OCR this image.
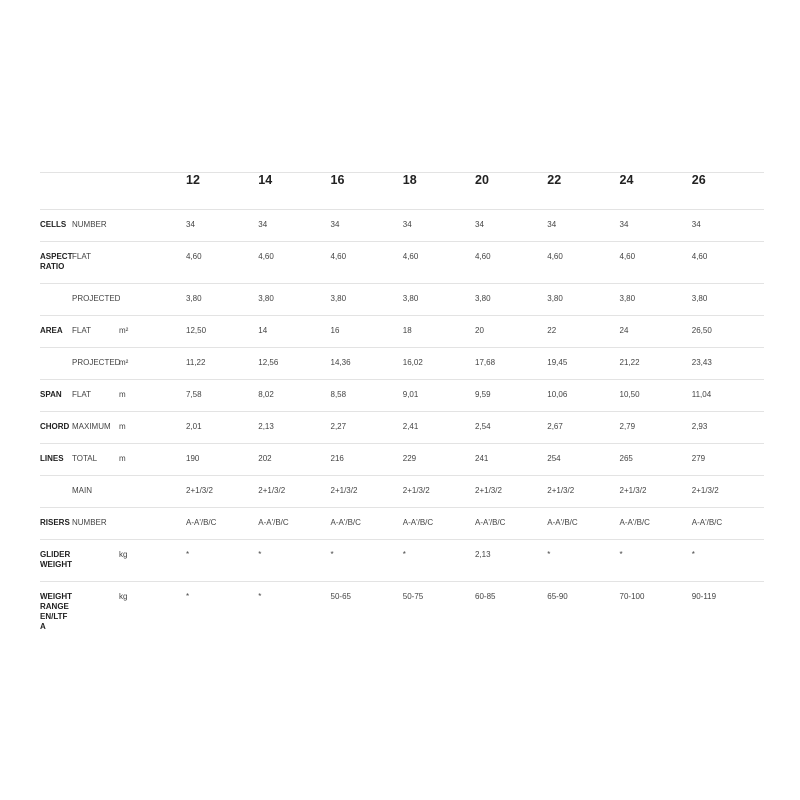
			12	14	16	18	20	22	24	26

CELLS	NUMBER		34	34	34	34	34	34	34	34

ASPECT RATIO	FLAT		4,60	4,60	4,60	4,60	4,60	4,60	4,60	4,60

	PROJECTED		3,80	3,80	3,80	3,80	3,80	3,80	3,80	3,80

AREA	FLAT	m²	12,50	14	16	18	20	22	24	26,50

	PROJECTED	m²	11,22	12,56	14,36	16,02	17,68	19,45	21,22	23,43

SPAN	FLAT	m	7,58	8,02	8,58	9,01	9,59	10,06	10,50	11,04

CHORD	MAXIMUM	m	2,01	2,13	2,27	2,41	2,54	2,67	2,79	2,93

LINES	TOTAL	m	190	202	216	229	241	254	265	279

	MAIN		2+1/3/2	2+1/3/2	2+1/3/2	2+1/3/2	2+1/3/2	2+1/3/2	2+1/3/2	2+1/3/2

RISERS	NUMBER		A-A'/B/C	A-A'/B/C	A-A'/B/C	A-A'/B/C	A-A'/B/C	A-A'/B/C	A-A'/B/C	A-A'/B/C

GLIDER WEIGHT		kg	*	*	*	*	2,13	*	*	*

WEIGHT RANGE EN/LTF A		kg	*	*	50-65	50-75	60-85	65-90	70-100	90-119
